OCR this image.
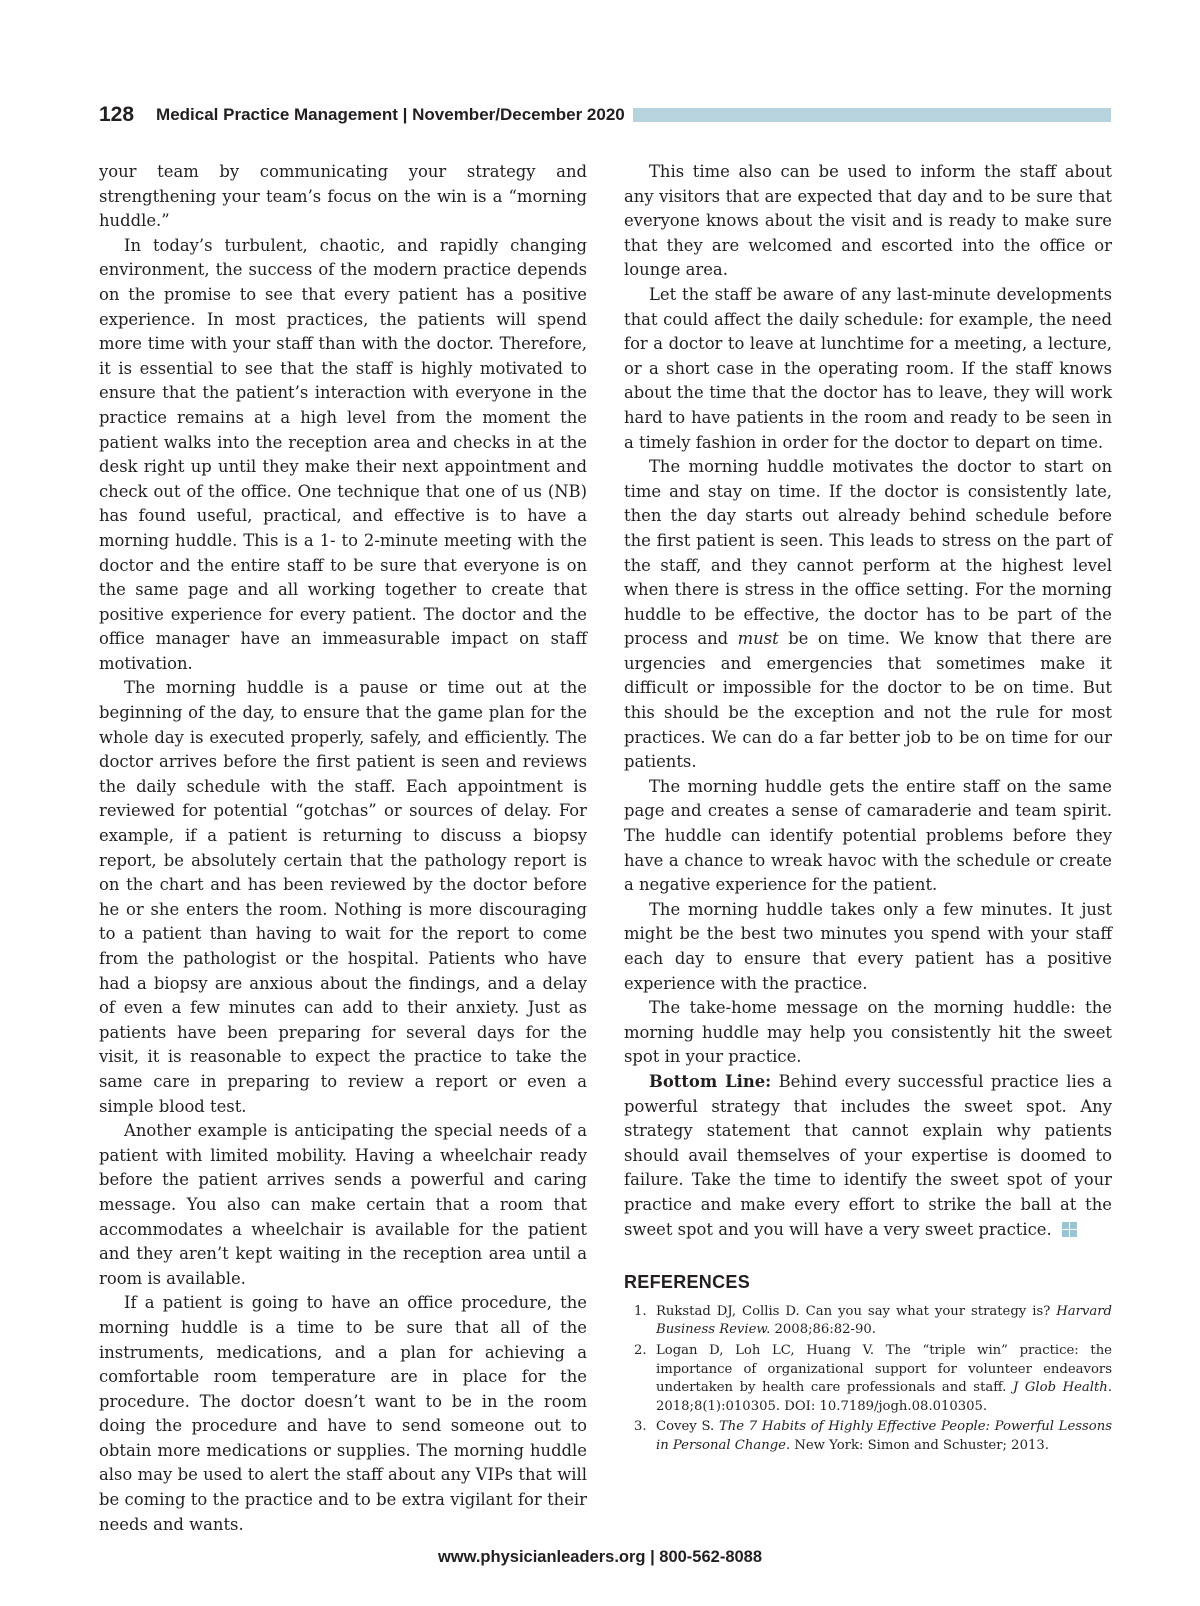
128 Medical Practice Management | November/December 2020

your team by communicating your strategy and strengthening your team’s focus on the win is a “morning huddle.”

In today’s turbulent, chaotic, and rapidly changing environment, the success of the modern practice depends on the promise to see that every patient has a positive experience. In most practices, the patients will spend more time with your staff than with the doctor. Therefore, it is essential to see that the staff is highly motivated to ensure that the patient’s interaction with everyone in the practice remains at a high level from the moment the patient walks into the reception area and checks in at the desk right up until they make their next appointment and check out of the office. One technique that one of us (NB) has found useful, practical, and effective is to have a morning huddle. This is a 1- to 2-minute meeting with the doctor and the entire staff to be sure that everyone is on the same page and all working together to create that positive experience for every patient. The doctor and the office manager have an immeasurable impact on staff motivation.

The morning huddle is a pause or time out at the beginning of the day, to ensure that the game plan for the whole day is executed properly, safely, and efficiently. The doctor arrives before the first patient is seen and reviews the daily schedule with the staff. Each appointment is reviewed for potential “gotchas” or sources of delay. For example, if a patient is returning to discuss a biopsy report, be absolutely certain that the pathology report is on the chart and has been reviewed by the doctor before he or she enters the room. Nothing is more discouraging to a patient than having to wait for the report to come from the pathologist or the hospital. Patients who have had a biopsy are anxious about the findings, and a delay of even a few minutes can add to their anxiety. Just as patients have been preparing for several days for the visit, it is reasonable to expect the practice to take the same care in preparing to review a report or even a simple blood test.

Another example is anticipating the special needs of a patient with limited mobility. Having a wheelchair ready before the patient arrives sends a powerful and caring message. You also can make certain that a room that accommodates a wheelchair is available for the patient and they aren’t kept waiting in the reception area until a room is available.

If a patient is going to have an office procedure, the morning huddle is a time to be sure that all of the instruments, medications, and a plan for achieving a comfortable room temperature are in place for the procedure. The doctor doesn’t want to be in the room doing the procedure and have to send someone out to obtain more medications or supplies. The morning huddle also may be used to alert the staff about any VIPs that will be coming to the practice and to be extra vigilant for their needs and wants.

This time also can be used to inform the staff about any visitors that are expected that day and to be sure that everyone knows about the visit and is ready to make sure that they are welcomed and escorted into the office or lounge area.

Let the staff be aware of any last-minute developments that could affect the daily schedule: for example, the need for a doctor to leave at lunchtime for a meeting, a lecture, or a short case in the operating room. If the staff knows about the time that the doctor has to leave, they will work hard to have patients in the room and ready to be seen in a timely fashion in order for the doctor to depart on time.

The morning huddle motivates the doctor to start on time and stay on time. If the doctor is consistently late, then the day starts out already behind schedule before the first patient is seen. This leads to stress on the part of the staff, and they cannot perform at the highest level when there is stress in the office setting. For the morning huddle to be effective, the doctor has to be part of the process and must be on time. We know that there are urgencies and emergencies that sometimes make it difficult or impossible for the doctor to be on time. But this should be the exception and not the rule for most practices. We can do a far better job to be on time for our patients.

The morning huddle gets the entire staff on the same page and creates a sense of camaraderie and team spirit. The huddle can identify potential problems before they have a chance to wreak havoc with the schedule or create a negative experience for the patient.

The morning huddle takes only a few minutes. It just might be the best two minutes you spend with your staff each day to ensure that every patient has a positive experience with the practice.

The take-home message on the morning huddle: the morning huddle may help you consistently hit the sweet spot in your practice.

Bottom Line: Behind every successful practice lies a powerful strategy that includes the sweet spot. Any strategy statement that cannot explain why patients should avail themselves of your expertise is doomed to failure. Take the time to identify the sweet spot of your practice and make every effort to strike the ball at the sweet spot and you will have a very sweet practice.

REFERENCES
1. Rukstad DJ, Collis D. Can you say what your strategy is? Harvard Business Review. 2008;86:82-90.
2. Logan D, Loh LC, Huang V. The “triple win” practice: the importance of organizational support for volunteer endeavors undertaken by health care professionals and staff. J Glob Health. 2018;8(1):010305. DOI: 10.7189/jogh.08.010305.
3. Covey S. The 7 Habits of Highly Effective People: Powerful Lessons in Personal Change. New York: Simon and Schuster; 2013.
www.physicianleaders.org | 800-562-8088
